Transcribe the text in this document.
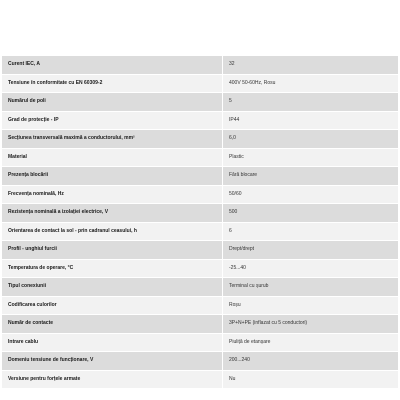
Curent IEC, A	32
Tensiune în conformitate cu EN 60309-2	400V 50-60Hz, Rosu
Numărul de poli	5
Grad de protecție - IP	IP44
Secțiunea transversală maximă a conductorului, mm²	6,0
Material	Plastic
Prezența blocării	Fără blocare
Frecvența nominală, Hz	50/60
Rezistența nominală a izolației electrice, V	500
Orientarea de contact la sol - prin cadranul ceasului, h	6
Profil - unghiul furcii	Drept/drept
Temperatura de operare, °C	-25...40
Tipul conexiunii	Terminal cu șurub
Codificarea culorilor	Roșu
Număr de contacte	3P+N+PE (inflazat cu 5 conductori)
Intrare cablu	Piuliță de etanșare
Domeniu tensiune de funcționare, V	200...240
Versiune pentru forțele armate	Nu
